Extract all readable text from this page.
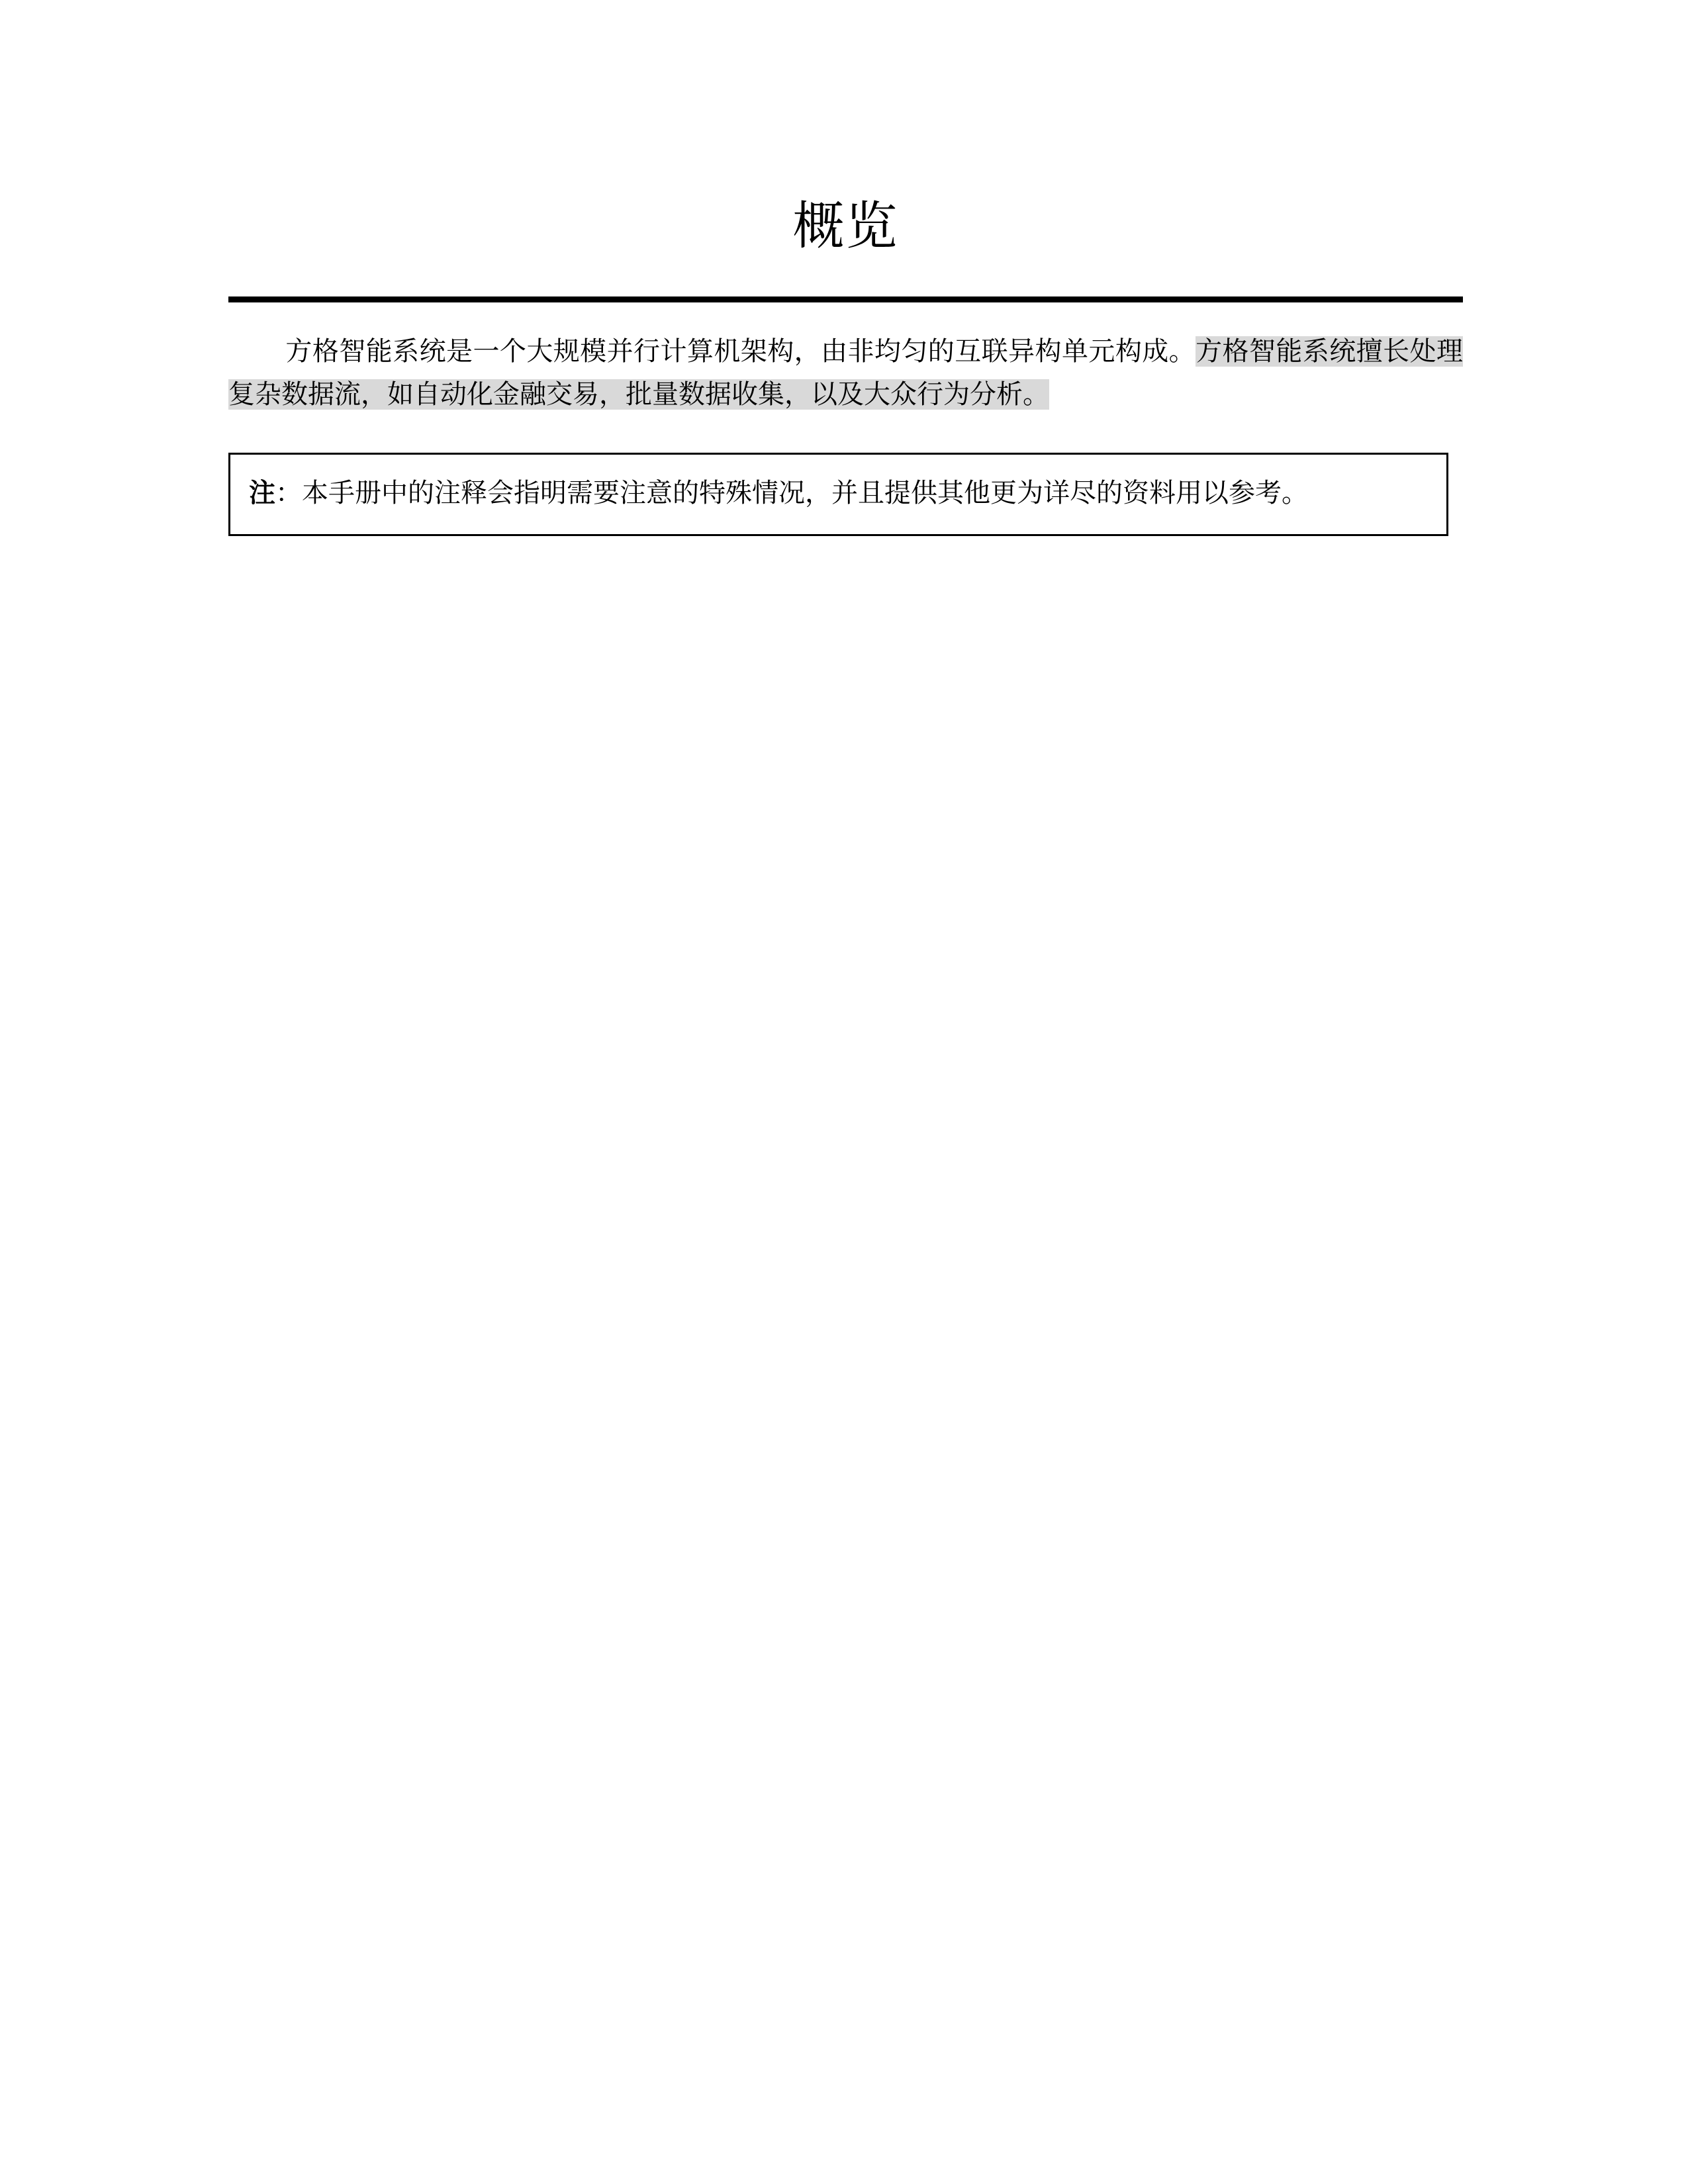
概览

方格智能系统是一个大规模并行计算机架构，由非均匀的互联异构单元构成。方格智能系统擅长处理复杂数据流，如自动化金融交易，批量数据收集，以及大众行为分析。

注：本手册中的注释会指明需要注意的特殊情况，并且提供其他更为详尽的资料用以参考。
